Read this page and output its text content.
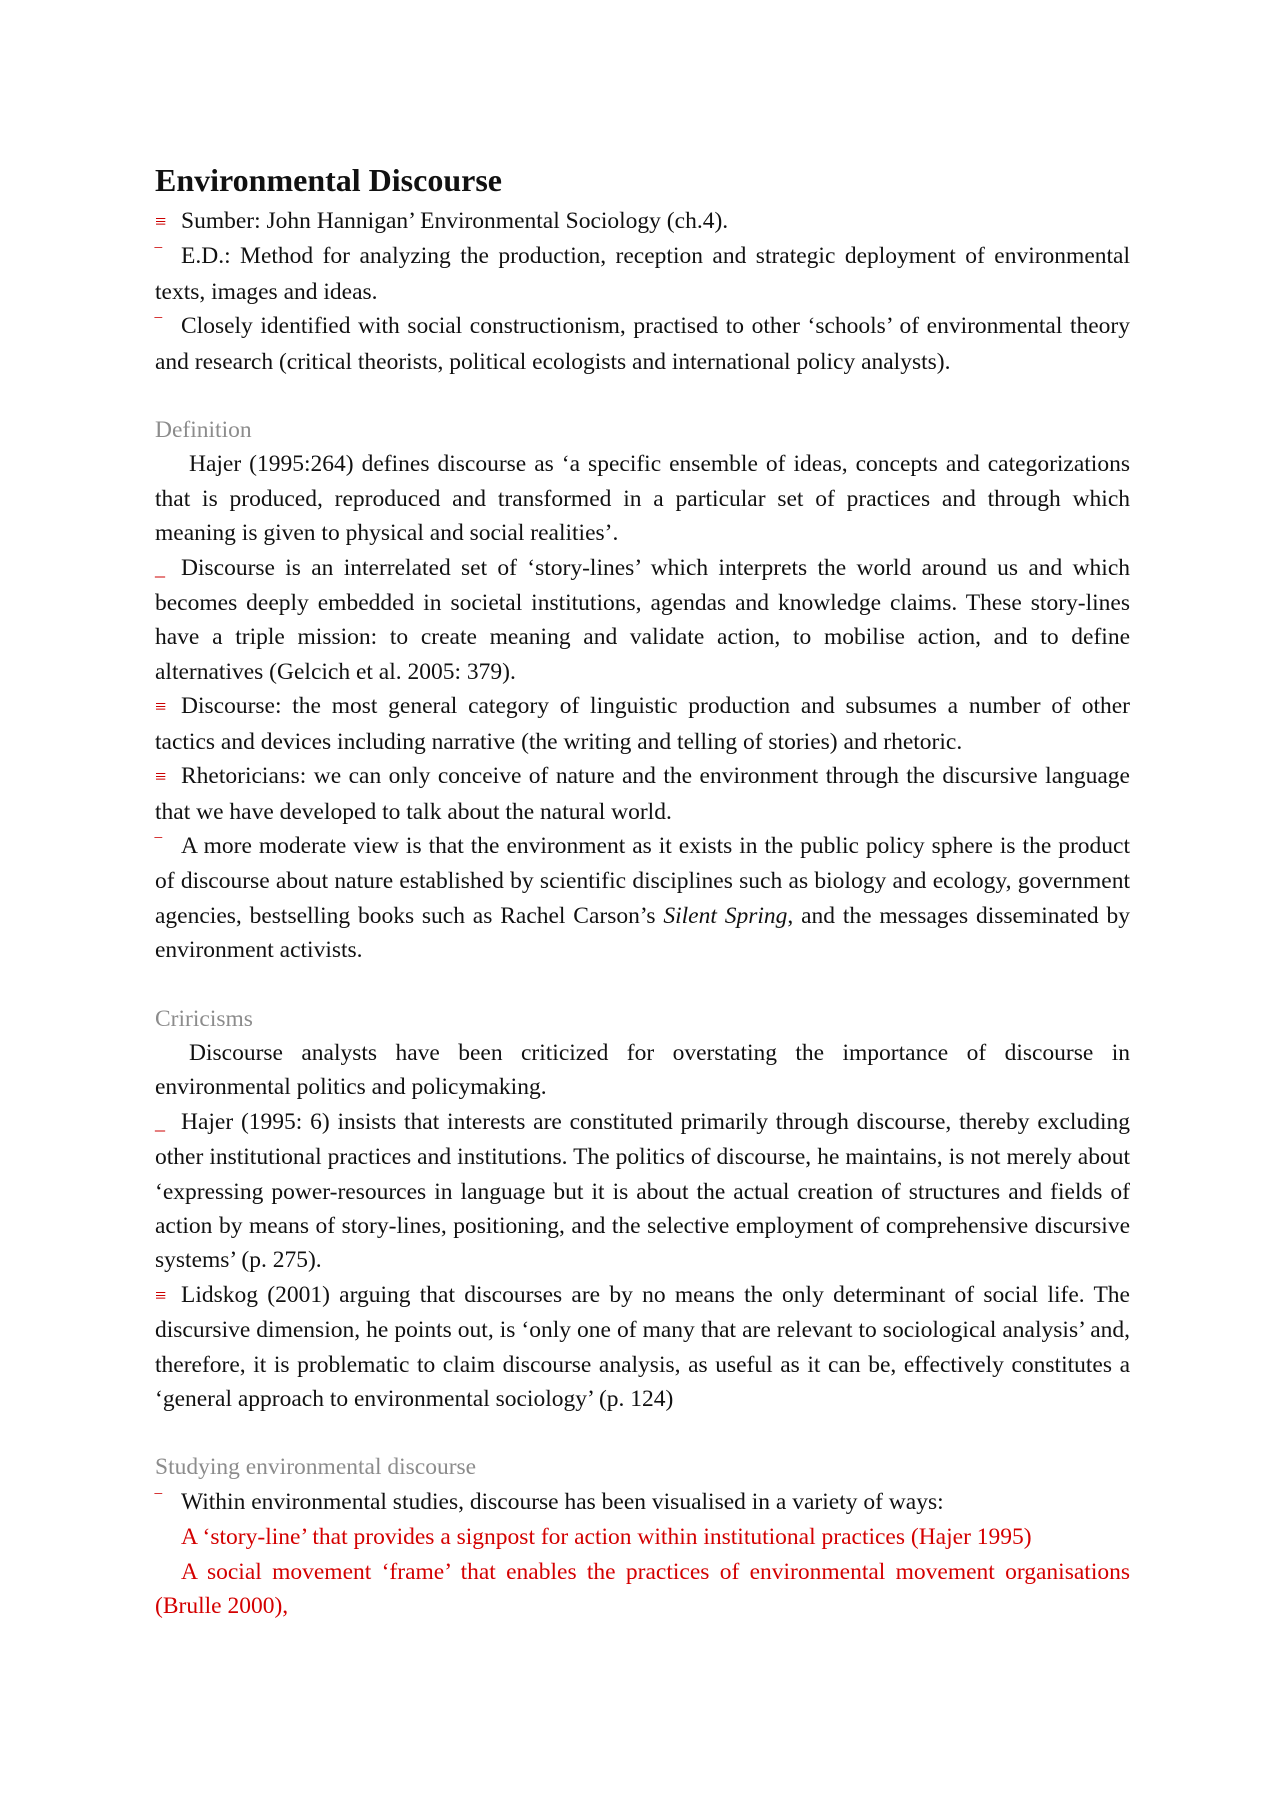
Environmental Discourse

≡ Sumber: John Hannigan’ Environmental Sociology (ch.4).

‾ E.D.: Method for analyzing the production, reception and strategic deployment of environmental texts, images and ideas.

‾ Closely identified with social constructionism, practised to other ‘schools’ of environmental theory and research (critical theorists, political ecologists and international policy analysts).

Definition

Hajer (1995:264) defines discourse as ‘a specific ensemble of ideas, concepts and categorizations that is produced, reproduced and transformed in a particular set of practices and through which meaning is given to physical and social realities’.

_ Discourse is an interrelated set of ‘story-lines’ which interprets the world around us and which becomes deeply embedded in societal institutions, agendas and knowledge claims. These story-lines have a triple mission: to create meaning and validate action, to mobilise action, and to define alternatives (Gelcich et al. 2005: 379).

≡ Discourse: the most general category of linguistic production and subsumes a number of other tactics and devices including narrative (the writing and telling of stories) and rhetoric.

≡ Rhetoricians: we can only conceive of nature and the environment through the discursive language that we have developed to talk about the natural world.

‾ A more moderate view is that the environment as it exists in the public policy sphere is the product of discourse about nature established by scientific disciplines such as biology and ecology, government agencies, bestselling books such as Rachel Carson’s Silent Spring, and the messages disseminated by environment activists.

Criricisms

Discourse analysts have been criticized for overstating the importance of discourse in environmental politics and policymaking.

_ Hajer (1995: 6) insists that interests are constituted primarily through discourse, thereby excluding other institutional practices and institutions. The politics of discourse, he maintains, is not merely about ‘expressing power-resources in language but it is about the actual creation of structures and fields of action by means of story-lines, positioning, and the selective employment of comprehensive discursive systems’ (p. 275).

≡ Lidskog (2001) arguing that discourses are by no means the only determinant of social life. The discursive dimension, he points out, is ‘only one of many that are relevant to sociological analysis’ and, therefore, it is problematic to claim discourse analysis, as useful as it can be, effectively constitutes a ‘general approach to environmental sociology’ (p. 124)

Studying environmental discourse

‾ Within environmental studies, discourse has been visualised in a variety of ways:

A ‘story-line’ that provides a signpost for action within institutional practices (Hajer 1995)

A social movement ‘frame’ that enables the practices of environmental movement organisations (Brulle 2000),
